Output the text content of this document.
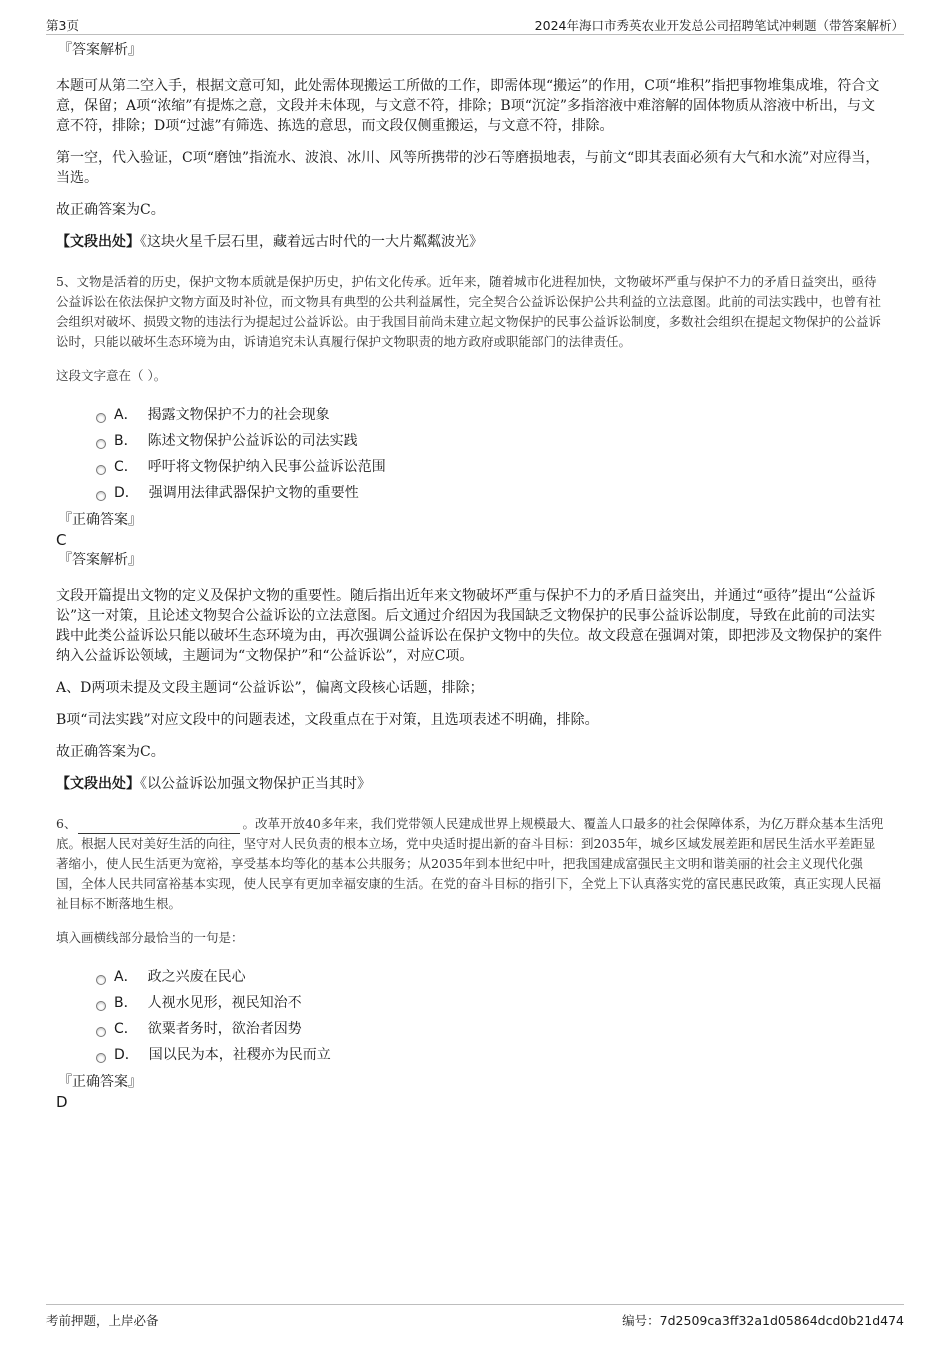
第3页	2024年海口市秀英农业开发总公司招聘笔试冲刺题（带答案解析）

『答案解析』

本题可从第二空入手，根据文意可知，此处需体现搬运工所做的工作，即需体现“搬运”的作用，C项“堆积”指把事物堆集成堆，符合文意，保留；A项“浓缩”有提炼之意，文段并未体现，与文意不符，排除；B项“沉淀”多指溶液中难溶解的固体物质从溶液中析出，与文意不符，排除；D项“过滤”有筛选、拣选的意思，而文段仅侧重搬运，与文意不符，排除。

第一空，代入验证，C项“磨蚀”指流水、波浪、冰川、风等所携带的沙石等磨损地表，与前文“即其表面必须有大气和水流”对应得当，当选。

故正确答案为C。

【文段出处】《这块火星千层石里，藏着远古时代的一大片粼粼波光》

5、文物是活着的历史，保护文物本质就是保护历史，护佑文化传承。近年来，随着城市化进程加快，文物破坏严重与保护不力的矛盾日益突出，亟待公益诉讼在依法保护文物方面及时补位，而文物具有典型的公共利益属性，完全契合公益诉讼保护公共利益的立法意图。此前的司法实践中，也曾有社会组织对破坏、损毁文物的违法行为提起过公益诉讼。由于我国目前尚未建立起文物保护的民事公益诉讼制度，多数社会组织在提起文物保护的公益诉讼时，只能以破坏生态环境为由，诉请追究未认真履行保护文物职责的地方政府或职能部门的法律责任。

这段文字意在（ ）。

A． 揭露文物保护不力的社会现象
B． 陈述文物保护公益诉讼的司法实践
C． 呼吁将文物保护纳入民事公益诉讼范围
D． 强调用法律武器保护文物的重要性

『正确答案』

C

『答案解析』

文段开篇提出文物的定义及保护文物的重要性。随后指出近年来文物破坏严重与保护不力的矛盾日益突出，并通过“亟待”提出“公益诉讼”这一对策，且论述文物契合公益诉讼的立法意图。后文通过介绍因为我国缺乏文物保护的民事公益诉讼制度，导致在此前的司法实践中此类公益诉讼只能以破坏生态环境为由，再次强调公益诉讼在保护文物中的失位。故文段意在强调对策，即把涉及文物保护的案件纳入公益诉讼领域，主题词为“文物保护”和“公益诉讼”，对应C项。

A、D两项未提及文段主题词“公益诉讼”，偏离文段核心话题，排除；

B项“司法实践”对应文段中的问题表述，文段重点在于对策，且选项表述不明确，排除。

故正确答案为C。

【文段出处】《以公益诉讼加强文物保护正当其时》

6、	。改革开放40多年来，我们党带领人民建成世界上规模最大、覆盖人口最多的社会保障体系，为亿万群众基本生活兜底。根据人民对美好生活的向往，坚守对人民负责的根本立场，党中央适时提出新的奋斗目标：到2035年，城乡区域发展差距和居民生活水平差距显著缩小，使人民生活更为宽裕，享受基本均等化的基本公共服务；从2035年到本世纪中叶，把我国建成富强民主文明和谐美丽的社会主义现代化强国，全体人民共同富裕基本实现，使人民享有更加幸福安康的生活。在党的奋斗目标的指引下，全党上下认真落实党的富民惠民政策，真正实现人民福祉目标不断落地生根。

填入画横线部分最恰当的一句是：

A． 政之兴废在民心
B． 人视水见形，视民知治不
C． 欲粟者务时，欲治者因势
D． 国以民为本，社稷亦为民而立

『正确答案』

D

考前押题，上岸必备	编号：7d2509ca3ff32a1d05864dcd0b21d474
